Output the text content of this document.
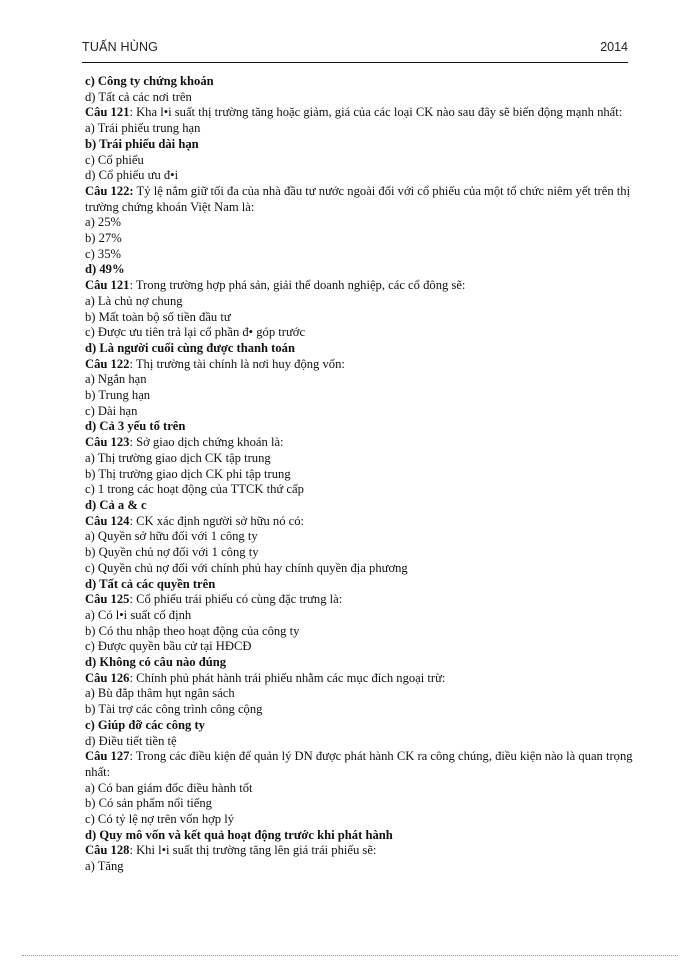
TUẤN HÙNG	2014
c) Công ty chứng khoán
d) Tất cả các nơi trên
Câu 121: Kha l•i suất thị trường tăng hoặc giảm, giá của các loại CK nào sau đây sẽ biến động mạnh nhất:
a) Trái phiếu trung hạn
b) Trái phiếu dài hạn
c) Cổ phiếu
d) Cổ phiếu ưu đ•i
Câu 122: Tỷ lệ nắm giữ tối đa của nhà đầu tư nước ngoài đối với cổ phiếu của một tổ chức niêm yết trên thị trường chứng khoán Việt Nam là:
a) 25%
b) 27%
c) 35%
d) 49%
Câu 121: Trong trường hợp phá sản, giải thể doanh nghiệp, các cổ đông sẽ:
a) Là chủ nợ chung
b) Mất toàn bộ số tiền đầu tư
c) Được ưu tiên trả lại cổ phần đ• góp trước
d) Là người cuối cùng được thanh toán
Câu 122: Thị trường tài chính là nơi huy động vốn:
a) Ngắn hạn
b) Trung hạn
c) Dài hạn
d) Cả 3 yếu tố trên
Câu 123: Sở giao dịch chứng khoán là:
a) Thị trường giao dịch CK tập trung
b) Thị trường giao dịch CK phi tập trung
c) 1 trong các hoạt động của TTCK thứ cấp
d) Cả a & c
Câu 124: CK xác định người sở hữu nó có:
a) Quyền sở hữu đối với 1 công ty
b) Quyền chủ nợ đối với 1 công ty
c) Quyền chủ nợ đối với chính phủ hay chính quyền địa phương
d) Tất cả các quyền trên
Câu 125: Cổ phiếu trái phiếu có cùng đặc trưng là:
a) Có l•i suất cố định
b) Có thu nhập theo hoạt động của công ty
c) Được quyền bầu cử tại HĐCĐ
d) Không có câu nào đúng
Câu 126: Chính phủ phát hành trái phiếu nhằm các mục đích ngoại trừ:
a) Bù đắp thâm hụt ngân sách
b) Tài trợ các công trình công cộng
c) Giúp đỡ các công ty
d) Điều tiết tiền tệ
Câu 127: Trong các điều kiện để quản lý DN được phát hành CK ra công chúng, điều kiện nào là quan trọng nhất:
a) Có ban giám đốc điều hành tốt
b) Có sản phẩm nổi tiếng
c) Có tỷ lệ nợ trên vốn hợp lý
d) Quy mô vốn và kết quả hoạt động trước khi phát hành
Câu 128: Khi l•i suất thị trường tăng lên giá trái phiếu sẽ:
a) Tăng
